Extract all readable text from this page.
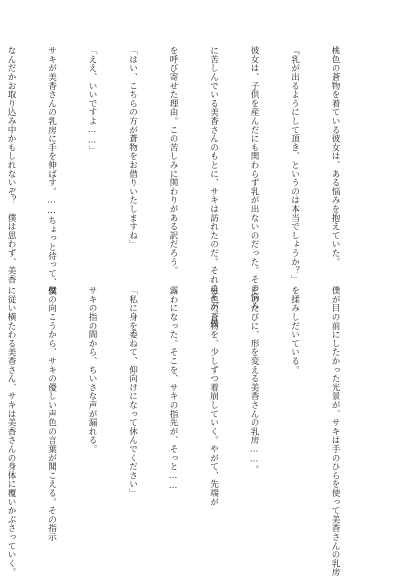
桃色の蒼物を着ている彼女は、ある悩みを抱えていた。

『乳が出るようにして頂き、というのは本当でしょうか？」

彼女は、子供を産んだにも関わらず乳が出ないのだった。その悩み

に苦しんでいる美香さんのもとに、サキは訪れたのだ。それこそが、僕

を呼び寄せた理由。この苦しみに関わりがある訳だろう。

「はい、こちらの方が蒼物をお借りいたしますね」

「ええ、いいですよ……」

サキが美香さんの乳房に手を伸ばす。……ちょっと待って、僕

なんだかお取り込み中かもしれないぞ？　僕は思わず、美香

僕が目の前にしたかった光景が、サキは手のひらを使って美香さんの乳房

を揉みしだいている。

そのたびに、形を変える美香さんの乳房……。

桃色の蒼物を、少しずつ着崩していく。やがて、先端が

露わになった。そこを、サキの指先が、そっと……

「私に身を委ねて、仰向けになって休んでください」

サキの指の間から、ちいさな声が漏れる。

壁の向こうから、サキの優しい声色の言葉が聞こえる。その指示

に従い横たわる美香さん、サキは美香さんの身体に覆いかぶさっていく。
